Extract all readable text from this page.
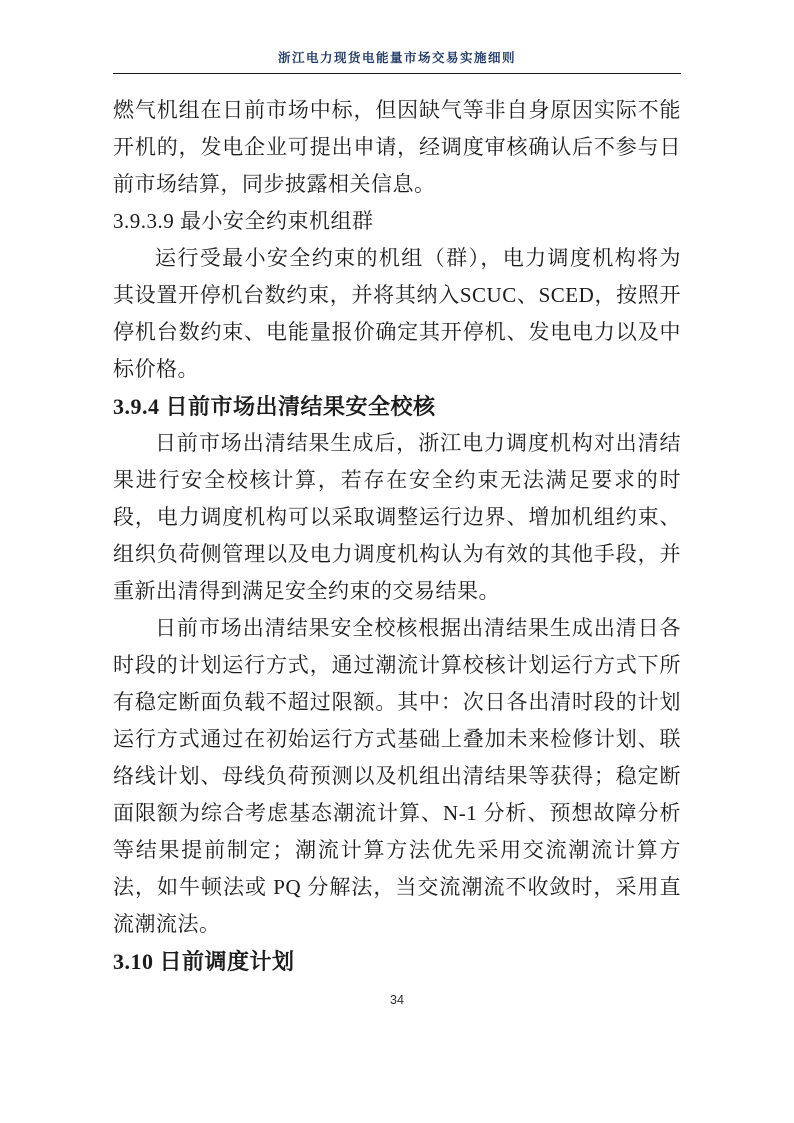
浙江电力现货电能量市场交易实施细则
燃气机组在日前市场中标，但因缺气等非自身原因实际不能开机的，发电企业可提出申请，经调度审核确认后不参与日前市场结算，同步披露相关信息。
3.9.3.9 最小安全约束机组群
运行受最小安全约束的机组（群），电力调度机构将为其设置开停机台数约束，并将其纳入SCUC、SCED，按照开停机台数约束、电能量报价确定其开停机、发电电力以及中标价格。
3.9.4 日前市场出清结果安全校核
日前市场出清结果生成后，浙江电力调度机构对出清结果进行安全校核计算，若存在安全约束无法满足要求的时段，电力调度机构可以采取调整运行边界、增加机组约束、组织负荷侧管理以及电力调度机构认为有效的其他手段，并重新出清得到满足安全约束的交易结果。
日前市场出清结果安全校核根据出清结果生成出清日各时段的计划运行方式，通过潮流计算校核计划运行方式下所有稳定断面负载不超过限额。其中：次日各出清时段的计划运行方式通过在初始运行方式基础上叠加未来检修计划、联络线计划、母线负荷预测以及机组出清结果等获得；稳定断面限额为综合考虑基态潮流计算、N-1 分析、预想故障分析等结果提前制定；潮流计算方法优先采用交流潮流计算方法，如牛顿法或 PQ 分解法，当交流潮流不收敛时，采用直流潮流法。
3.10 日前调度计划
34
